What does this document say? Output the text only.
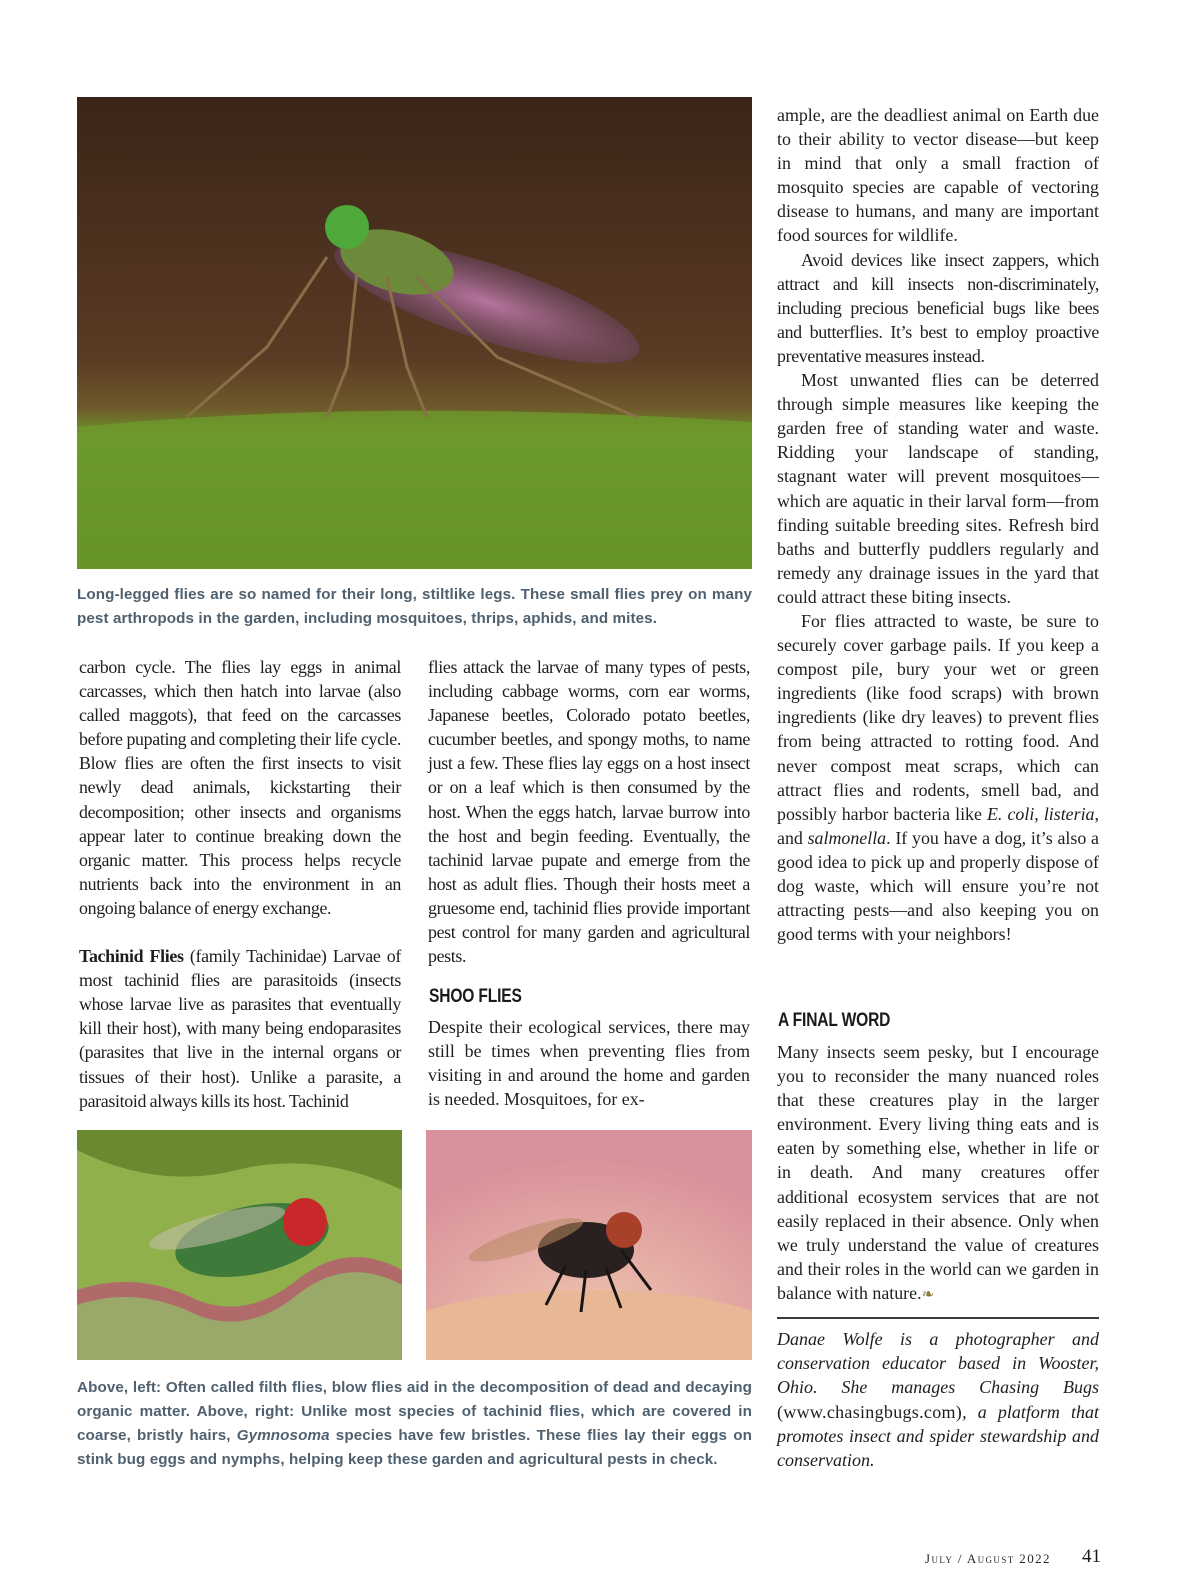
Long-legged flies are so named for their long, stiltlike legs. These small flies prey on many pest arthropods in the garden, including mosquitoes, thrips, aphids, and mites.

carbon cycle. The flies lay eggs in animal carcasses, which then hatch into larvae (also called maggots), that feed on the carcasses before pupating and completing their life cycle. Blow flies are often the first insects to visit newly dead animals, kickstarting their decomposition; other insects and organisms appear later to continue breaking down the organic matter. This process helps recycle nutrients back into the environment in an ongoing balance of energy exchange.

Tachinid Flies (family Tachinidae) Larvae of most tachinid flies are parasitoids (insects whose larvae live as parasites that eventually kill their host), with many being endoparasites (parasites that live in the internal organs or tissues of their host). Unlike a parasite, a parasitoid always kills its host. Tachinid

flies attack the larvae of many types of pests, including cabbage worms, corn ear worms, Japanese beetles, Colorado potato beetles, cucumber beetles, and spongy moths, to name just a few. These flies lay eggs on a host insect or on a leaf which is then consumed by the host. When the eggs hatch, larvae burrow into the host and begin feeding. Eventually, the tachinid larvae pupate and emerge from the host as adult flies. Though their hosts meet a gruesome end, tachinid flies provide important pest control for many garden and agricultural pests.

SHOO FLIES

Despite their ecological services, there may still be times when preventing flies from visiting in and around the home and garden is needed. Mosquitoes, for ex-

ample, are the deadliest animal on Earth due to their ability to vector disease—but keep in mind that only a small fraction of mosquito species are capable of vectoring disease to humans, and many are important food sources for wildlife.

Avoid devices like insect zappers, which attract and kill insects non-discriminately, including precious beneficial bugs like bees and butterflies. It’s best to employ proactive preventative measures instead.

Most unwanted flies can be deterred through simple measures like keeping the garden free of standing water and waste. Ridding your landscape of standing, stagnant water will prevent mosquitoes—which are aquatic in their larval form—from finding suitable breeding sites. Refresh bird baths and butterfly puddlers regularly and remedy any drainage issues in the yard that could attract these biting insects.

For flies attracted to waste, be sure to securely cover garbage pails. If you keep a compost pile, bury your wet or green ingredients (like food scraps) with brown ingredients (like dry leaves) to prevent flies from being attracted to rotting food. And never compost meat scraps, which can attract flies and rodents, smell bad, and possibly harbor bacteria like E. coli, listeria, and salmonella. If you have a dog, it’s also a good idea to pick up and properly dispose of dog waste, which will ensure you’re not attracting pests—and also keeping you on good terms with your neighbors!

A FINAL WORD

Many insects seem pesky, but I encourage you to reconsider the many nuanced roles that these creatures play in the larger environment. Every living thing eats and is eaten by something else, whether in life or in death. And many creatures offer additional ecosystem services that are not easily replaced in their absence. Only when we truly understand the value of creatures and their roles in the world can we garden in balance with nature.❧

Danae Wolfe is a photographer and conservation educator based in Wooster, Ohio. She manages Chasing Bugs (www.chasingbugs.com), a platform that promotes insect and spider stewardship and conservation.
Above, left: Often called filth flies, blow flies aid in the decomposition of dead and decaying organic matter. Above, right: Unlike most species of tachinid flies, which are covered in coarse, bristly hairs, Gymnosoma species have few bristles. These flies lay their eggs on stink bug eggs and nymphs, helping keep these garden and agricultural pests in check.
July / August 2022 41
